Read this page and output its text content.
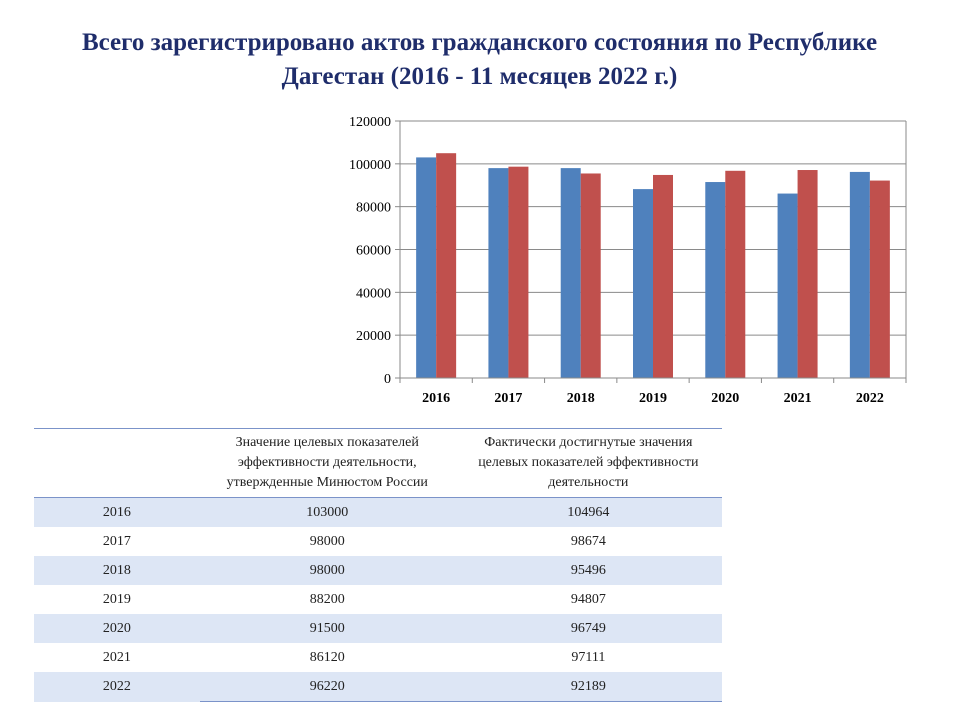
Всего зарегистрировано актов гражданского состояния по Республике
Дагестан (2016 - 11 месяцев 2022 г.)
0
20000
40000
60000
80000
100000
120000
2016	2017	2018	2019	2020	2021	2022
	Значение целевых показателей эффективности деятельности, утвержденные Минюстом России	Фактически достигнутые значения целевых показателей эффективности деятельности
2016	103000	104964
2017	98000	98674
2018	98000	95496
2019	88200	94807
2020	91500	96749
2021	86120	97111
2022	96220	92189
